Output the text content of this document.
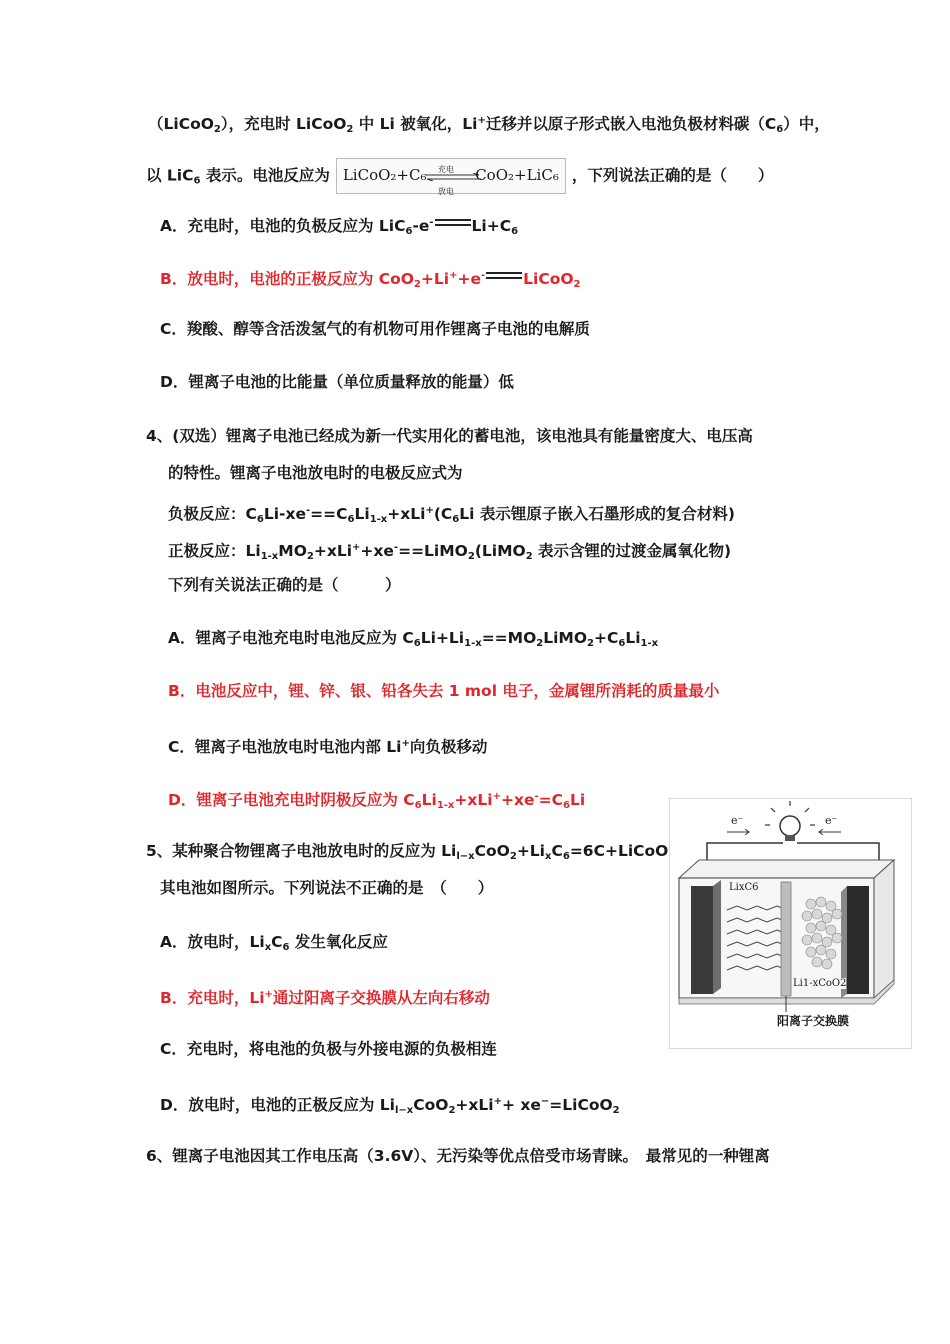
（LiCoO$_2$），充电时 LiCoO$_2$ 中 Li 被氧化，Li+迁移并以原子形式嵌入电池负极材料碳$(C_6)$中，
以 LiC$_6$ 表示。电池反应为 LiCoO₂+C₆ 充电
放电
CoO₂+LiC₆ ，下列说法正确的是（　　）
A．充电时，电池的负极反应为 LiC$_6$-e- $Li+C_6$
B．放电时，电池的正极反应为 CoO$_2$+Li++e- LiCoO$_2$
C．羧酸、醇等含活泼氢气的有机物可用作锂离子电池的电解质
D．锂离子电池的比能量（单位质量释放的能量）低
4、(双选）锂离子电池已经成为新一代实用化的蓄电池，该电池具有能量密度大、电压高
的特性。锂离子电池放电时的电极反应式为
负极反应：$C_6Li-xe^-==C_6Li_{1-x}+xLi^+(C_6Li$ 表示锂原子嵌入石墨形成的复合材料)
正极反应：$Li_{1-x}MO_2+xLi^++xe^-==LiMO_2(LiMO_2$ 表示含锂的过渡金属氧化物)
下列有关说法正确的是（　　　）
A．锂离子电池充电时电池反应为 $C_6Li+Li_{1-x}==MO_2LiMO_2+C_6Li_{1-x}$
B．电池反应中，锂、锌、银、铅各失去 1 mol 电子，金属锂所消耗的质量最小
C．锂离子电池放电时电池内部 Li+向负极移动
D．锂离子电池充电时阴极反应为 $C_6Li_{1-x}+xLi^++xe^-=C_6Li$
5、某种聚合物锂离子电池放电时的反应为 $Li_{l-x}CoO_2+Li_xC_6=6C+LiCoO$
其电池如图所示。下列说法不正确的是　（　　）
A．放电时，$Li_xC_6$ 发生氧化反应
B．充电时，Li+通过阳离子交换膜从左向右移动
C．充电时，将电池的负极与外接电源的负极相连
D．放电时，电池的正极反应为 $Li_{l-x}CoO_2+xLi^++$ xe−=LiCoO$_2$
6、锂离子电池因其工作电压高（3.6V）、无污染等优点倍受市场青睐。　最常见的一种锂离
e⁻	e⁻
LixC6
Li1-xCoO2
阳离子交换膜
